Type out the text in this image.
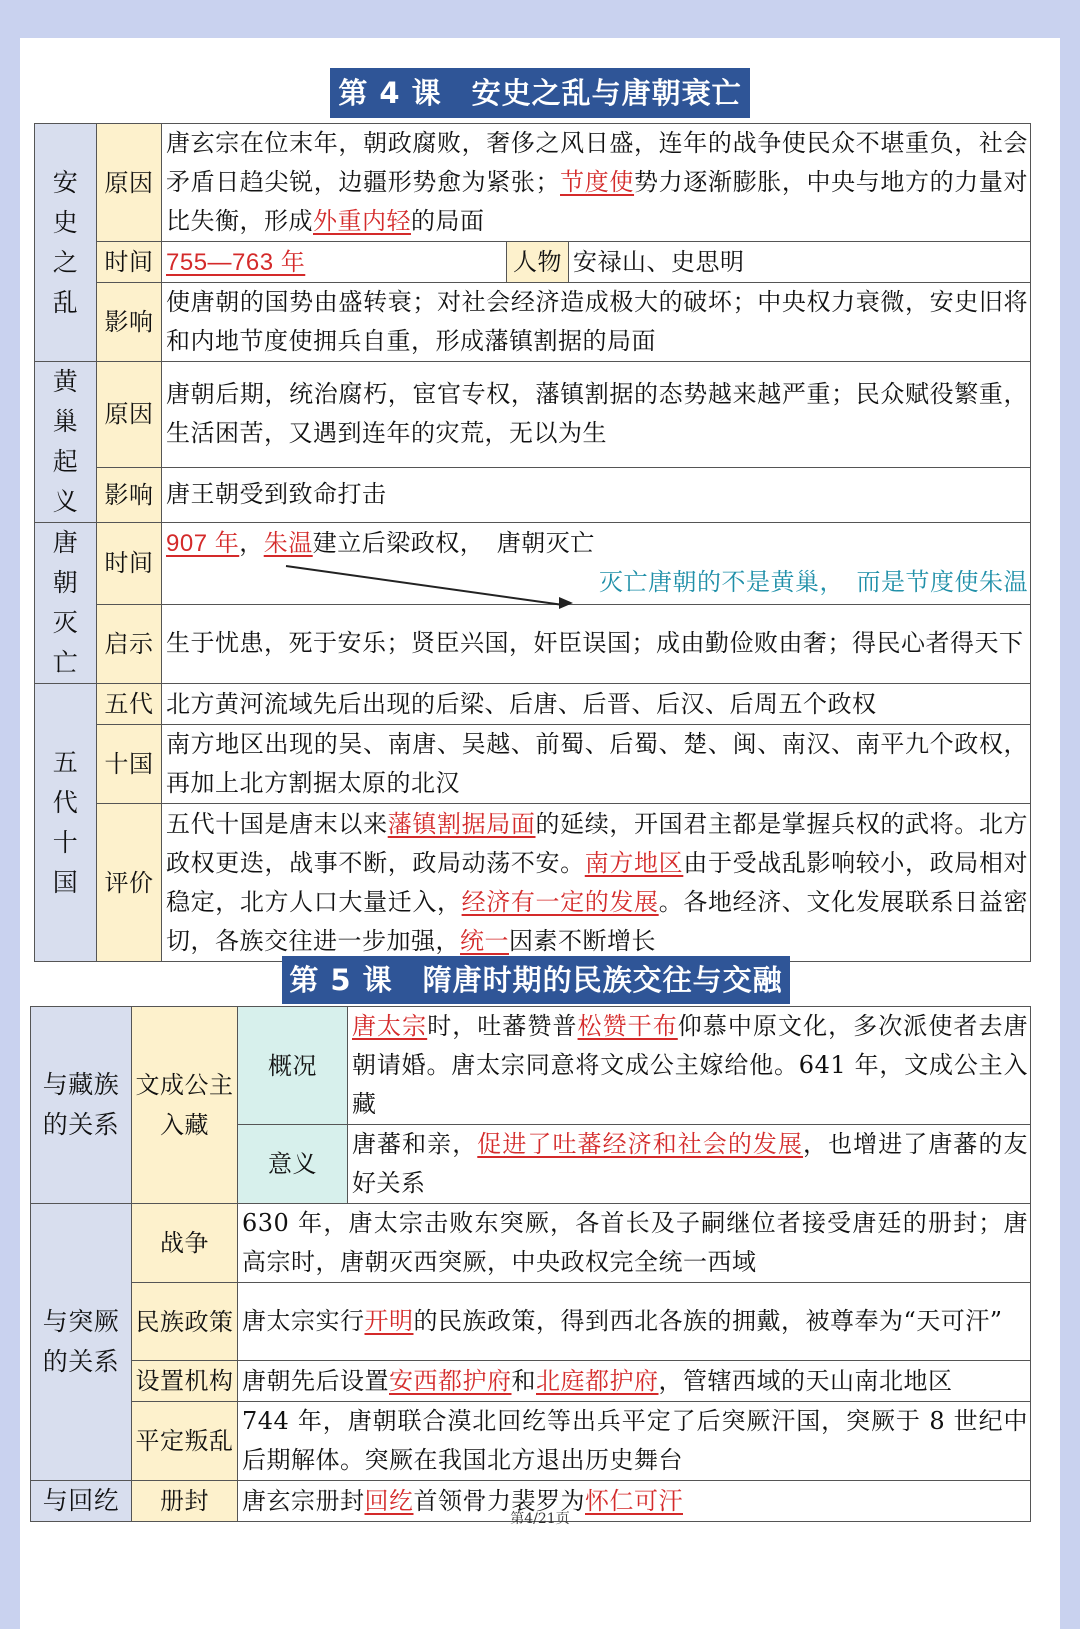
第 4 课　安史之乱与唐朝衰亡
安史之乱	原因	唐玄宗在位末年，朝政腐败，奢侈之风日盛，连年的战争使民众不堪重负，社会矛盾日趋尖锐，边疆形势愈为紧张；节度使势力逐渐膨胀，中央与地方的力量对比失衡，形成外重内轻的局面		
	时间	755—763 年	人物	安禄山、史思明
	影响	使唐朝的国势由盛转衰；对社会经济造成极大的破坏；中央权力衰微，安史旧将和内地节度使拥兵自重，形成藩镇割据的局面		
黄巢起义	原因	唐朝后期，统治腐朽，宦官专权，藩镇割据的态势越来越严重；民众赋役繁重，生活困苦，又遇到连年的灾荒，无以为生		
	影响	唐王朝受到致命打击		
唐朝灭亡	时间	907 年，朱温建立后梁政权，　唐朝灭亡
灭亡唐朝的不是黄巢，　而是节度使朱温		

	启示	生于忧患，死于安乐；贤臣兴国，奸臣误国；成由勤俭败由奢；得民心者得天下		
五代十国	五代	北方黄河流域先后出现的后梁、后唐、后晋、后汉、后周五个政权		
	十国	南方地区出现的吴、南唐、吴越、前蜀、后蜀、楚、闽、南汉、南平九个政权，再加上北方割据太原的北汉		
	评价	五代十国是唐末以来藩镇割据局面的延续，开国君主都是掌握兵权的武将。北方政权更迭，战事不断，政局动荡不安。南方地区由于受战乱影响较小，政局相对稳定，北方人口大量迁入，经济有一定的发展。各地经济、文化发展联系日益密切，各族交往进一步加强，统一因素不断增长		
第 5 课　隋唐时期的民族交往与交融
与藏族的关系	文成公主入藏	概况	唐太宗时，吐蕃赞普松赞干布仰慕中原文化，多次派使者去唐朝请婚。唐太宗同意将文成公主嫁给他。641 年，文成公主入藏
		意义	唐蕃和亲，促进了吐蕃经济和社会的发展，也增进了唐蕃的友好关系
与突厥的关系	战争	630 年，唐太宗击败东突厥，各首长及子嗣继位者接受唐廷的册封；唐高宗时，唐朝灭西突厥，中央政权完全统一西域	
	民族政策	唐太宗实行开明的民族政策，得到西北各族的拥戴，被尊奉为“天可汗”	
	设置机构	唐朝先后设置安西都护府和北庭都护府，管辖西域的天山南北地区	
	平定叛乱	744 年，唐朝联合漠北回纥等出兵平定了后突厥汗国，突厥于 8 世纪中后期解体。突厥在我国北方退出历史舞台	
与回纥	册封	唐玄宗册封回纥首领骨力裴罗为怀仁可汗	
第4/21页
